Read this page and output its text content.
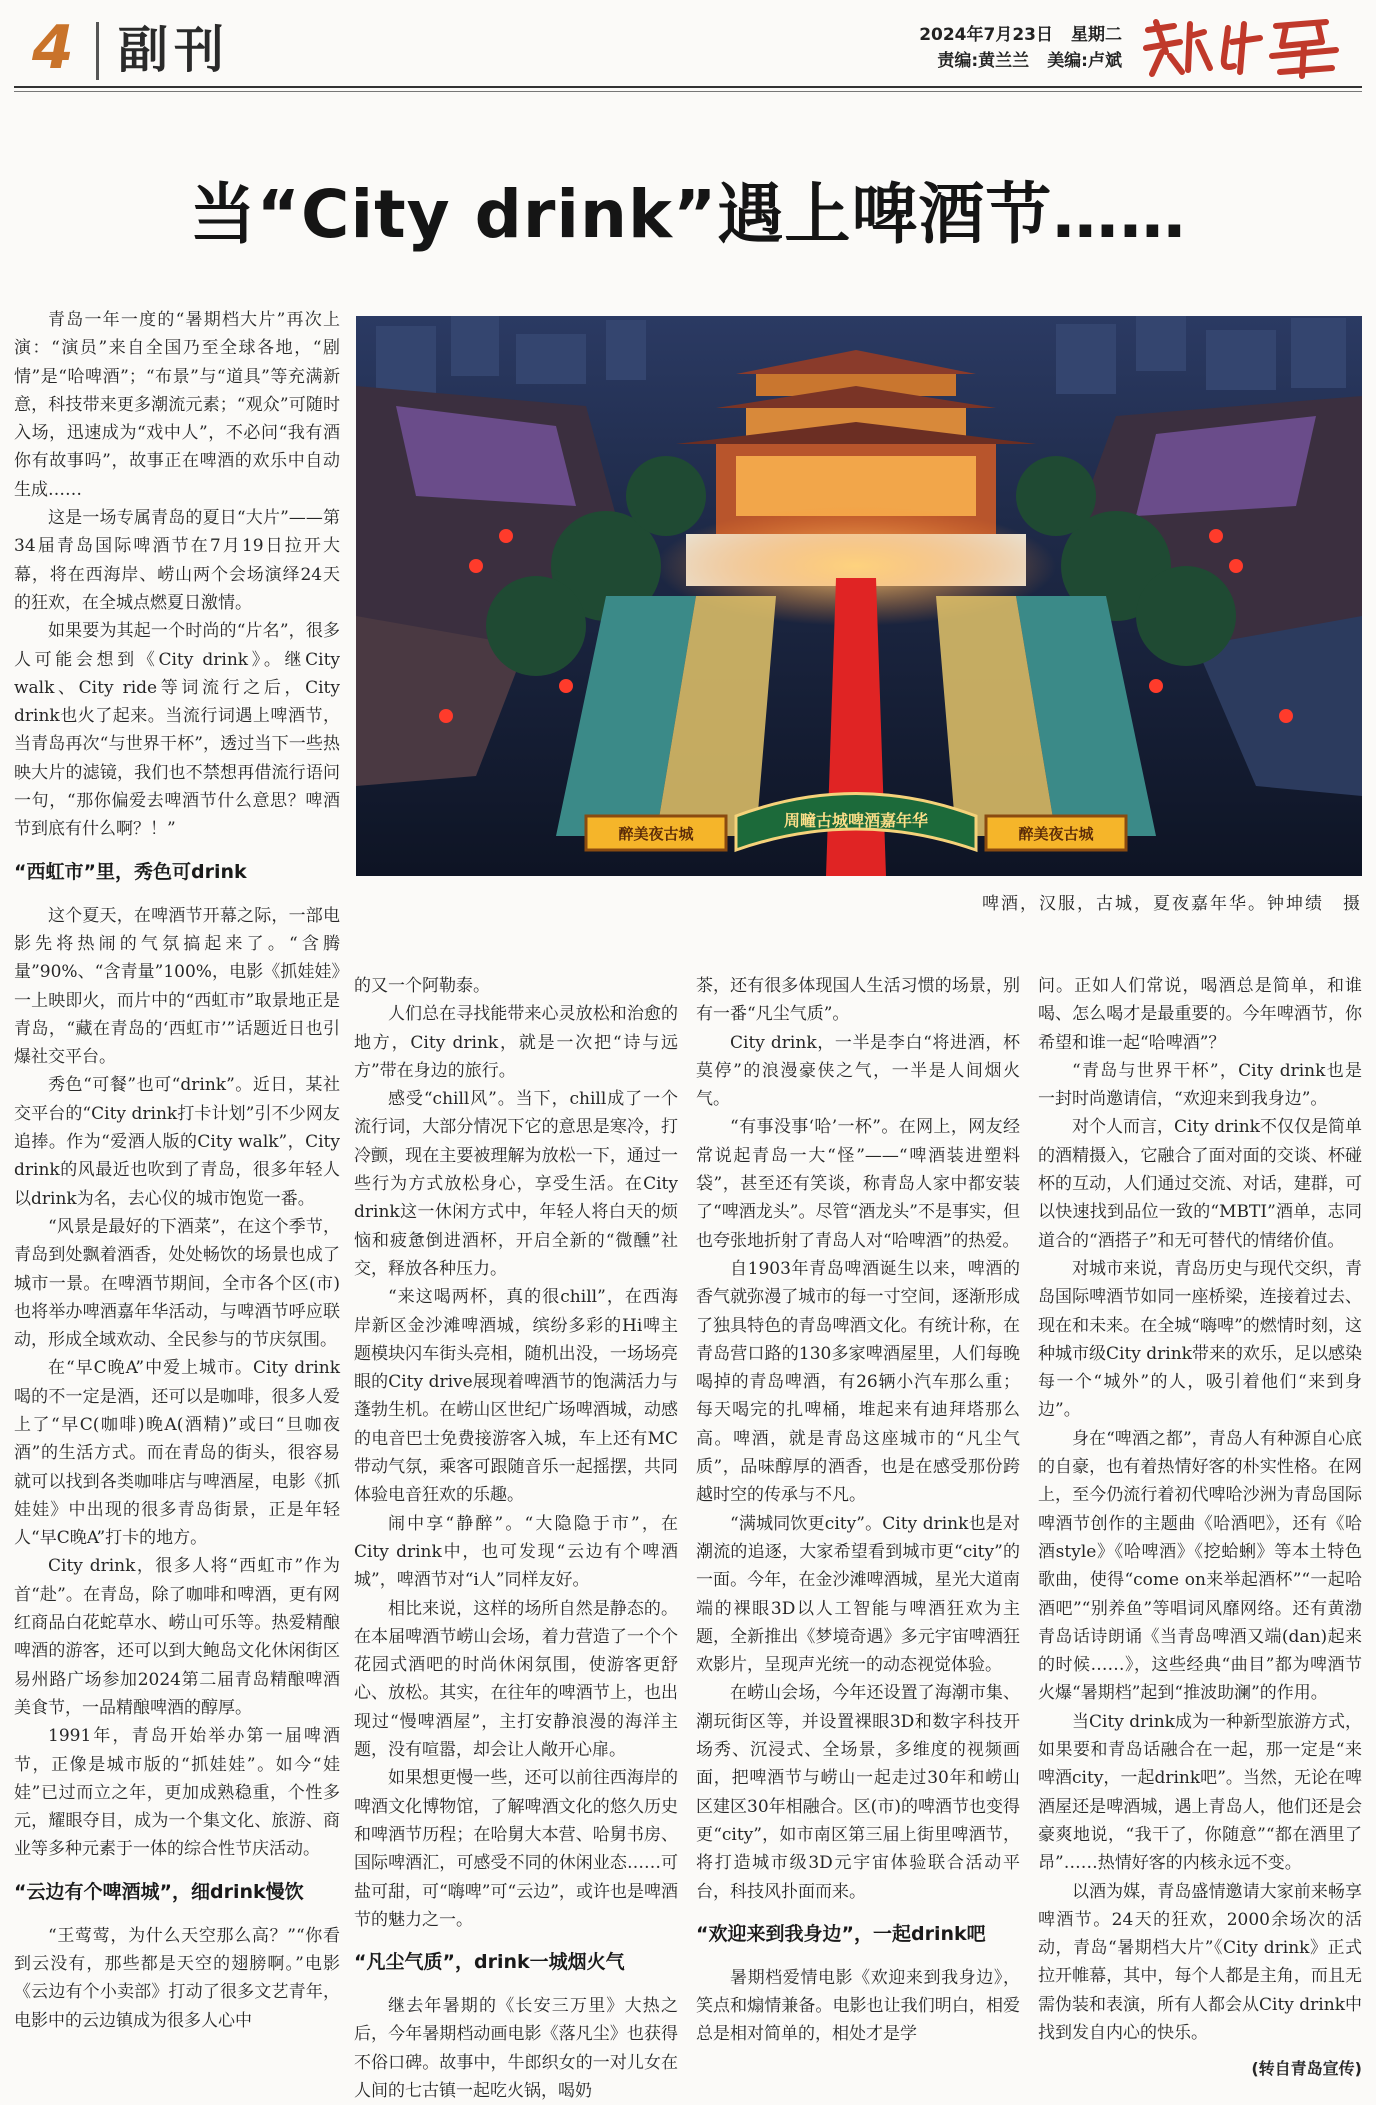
4 副刊	2024年7月23日 星期二
责编:黄兰兰 美编:卢斌
当“City drink”遇上啤酒节……
醉美夜古城
周疃古城啤酒嘉年华
醉美夜古城
啤酒，汉服，古城，夏夜嘉年华。钟坤绩　摄

青岛一年一度的“暑期档大片”再次上演：“演员”来自全国乃至全球各地，“剧情”是“哈啤酒”；“布景”与“道具”等充满新意，科技带来更多潮流元素；“观众”可随时入场，迅速成为“戏中人”，不必问“我有酒你有故事吗”，故事正在啤酒的欢乐中自动生成……

这是一场专属青岛的夏日“大片”——第34届青岛国际啤酒节在7月19日拉开大幕，将在西海岸、崂山两个会场演绎24天的狂欢，在全城点燃夏日激情。

如果要为其起一个时尚的“片名”，很多人可能会想到《City drink》。继City walk、City ride等词流行之后，City drink也火了起来。当流行词遇上啤酒节，当青岛再次“与世界干杯”，透过当下一些热映大片的滤镜，我们也不禁想再借流行语问一句，“那你偏爱去啤酒节什么意思？啤酒节到底有什么啊？！”

“西虹市”里，秀色可drink

这个夏天，在啤酒节开幕之际，一部电影先将热闹的气氛搞起来了。“含腾量”90%、“含青量”100%，电影《抓娃娃》一上映即火，而片中的“西虹市”取景地正是青岛，“藏在青岛的‘西虹市’”话题近日也引爆社交平台。

秀色“可餐”也可“drink”。近日，某社交平台的“City drink打卡计划”引不少网友追捧。作为“爱酒人版的City walk”，City drink的风最近也吹到了青岛，很多年轻人以drink为名，去心仪的城市饱览一番。

“风景是最好的下酒菜”，在这个季节，青岛到处飘着酒香，处处畅饮的场景也成了城市一景。在啤酒节期间，全市各个区(市)也将举办啤酒嘉年华活动，与啤酒节呼应联动，形成全域欢动、全民参与的节庆氛围。

在“早C晚A”中爱上城市。City drink喝的不一定是酒，还可以是咖啡，很多人爱上了“早C(咖啡)晚A(酒精)”或曰“旦咖夜酒”的生活方式。而在青岛的街头，很容易就可以找到各类咖啡店与啤酒屋，电影《抓娃娃》中出现的很多青岛街景，正是年轻人“早C晚A”打卡的地方。

City drink，很多人将“西虹市”作为首“赴”。在青岛，除了咖啡和啤酒，更有网红商品白花蛇草水、崂山可乐等。热爱精酿啤酒的游客，还可以到大鲍岛文化休闲街区易州路广场参加2024第二届青岛精酿啤酒美食节，一品精酿啤酒的醇厚。

1991年，青岛开始举办第一届啤酒节，正像是城市版的“抓娃娃”。如今“娃娃”已过而立之年，更加成熟稳重，个性多元，耀眼夺目，成为一个集文化、旅游、商业等多种元素于一体的综合性节庆活动。

“云边有个啤酒城”，细drink慢饮

“王莺莺，为什么天空那么高？”“你看到云没有，那些都是天空的翅膀啊。”电影《云边有个小卖部》打动了很多文艺青年，电影中的云边镇成为很多人心中

的又一个阿勒泰。

人们总在寻找能带来心灵放松和治愈的地方，City drink，就是一次把“诗与远方”带在身边的旅行。

感受“chill风”。当下，chill成了一个流行词，大部分情况下它的意思是寒冷，打冷颤，现在主要被理解为放松一下，通过一些行为方式放松身心，享受生活。在City drink这一休闲方式中，年轻人将白天的烦恼和疲惫倒进酒杯，开启全新的“微醺”社交，释放各种压力。

“来这喝两杯，真的很chill”，在西海岸新区金沙滩啤酒城，缤纷多彩的Hi啤主题模块闪车街头亮相，随机出没，一场场亮眼的City drive展现着啤酒节的饱满活力与蓬勃生机。在崂山区世纪广场啤酒城，动感的电音巴士免费接游客入城，车上还有MC带动气氛，乘客可跟随音乐一起摇摆，共同体验电音狂欢的乐趣。

闹中享“静醉”。“大隐隐于市”，在City drink中，也可发现“云边有个啤酒城”，啤酒节对“i人”同样友好。

相比来说，这样的场所自然是静态的。在本届啤酒节崂山会场，着力营造了一个个花园式酒吧的时尚休闲氛围，使游客更舒心、放松。其实，在往年的啤酒节上，也出现过“慢啤酒屋”，主打安静浪漫的海洋主题，没有喧嚣，却会让人敞开心扉。

如果想更慢一些，还可以前往西海岸的啤酒文化博物馆，了解啤酒文化的悠久历史和啤酒节历程；在哈舅大本营、哈舅书房、国际啤酒汇，可感受不同的休闲业态……可盐可甜，可“嗨啤”可“云边”，或许也是啤酒节的魅力之一。

“凡尘气质”，drink一城烟火气

继去年暑期的《长安三万里》大热之后，今年暑期档动画电影《落凡尘》也获得不俗口碑。故事中，牛郎织女的一对儿女在人间的七古镇一起吃火锅，喝奶

茶，还有很多体现国人生活习惯的场景，别有一番“凡尘气质”。

City drink，一半是李白“将进酒，杯莫停”的浪漫豪侠之气，一半是人间烟火气。

“有事没事‘哈’一杯”。在网上，网友经常说起青岛一大“怪”——“啤酒装进塑料袋”，甚至还有笑谈，称青岛人家中都安装了“啤酒龙头”。尽管“酒龙头”不是事实，但也夸张地折射了青岛人对“哈啤酒”的热爱。

自1903年青岛啤酒诞生以来，啤酒的香气就弥漫了城市的每一寸空间，逐渐形成了独具特色的青岛啤酒文化。有统计称，在青岛营口路的130多家啤酒屋里，人们每晚喝掉的青岛啤酒，有26辆小汽车那么重；每天喝完的扎啤桶，堆起来有迪拜塔那么高。啤酒，就是青岛这座城市的“凡尘气质”，品味醇厚的酒香，也是在感受那份跨越时空的传承与不凡。

“满城同饮更city”。City drink也是对潮流的追逐，大家希望看到城市更“city”的一面。今年，在金沙滩啤酒城，星光大道南端的裸眼3D以人工智能与啤酒狂欢为主题，全新推出《梦境奇遇》多元宇宙啤酒狂欢影片，呈现声光统一的动态视觉体验。

在崂山会场，今年还设置了海潮市集、潮玩街区等，并设置裸眼3D和数字科技开场秀、沉浸式、全场景，多维度的视频画面，把啤酒节与崂山一起走过30年和崂山区建区30年相融合。区(市)的啤酒节也变得更“city”，如市南区第三届上街里啤酒节，将打造城市级3D元宇宙体验联合活动平台，科技风扑面而来。

“欢迎来到我身边”，一起drink吧

暑期档爱情电影《欢迎来到我身边》，笑点和煽情兼备。电影也让我们明白，相爱总是相对简单的，相处才是学

问。正如人们常说，喝酒总是简单，和谁喝、怎么喝才是最重要的。今年啤酒节，你希望和谁一起“哈啤酒”？

“青岛与世界干杯”，City drink也是一封时尚邀请信，“欢迎来到我身边”。

对个人而言，City drink不仅仅是简单的酒精摄入，它融合了面对面的交谈、杯碰杯的互动，人们通过交流、对话，建群，可以快速找到品位一致的“MBTI”酒单，志同道合的“酒搭子”和无可替代的情绪价值。

对城市来说，青岛历史与现代交织，青岛国际啤酒节如同一座桥梁，连接着过去、现在和未来。在全城“嗨啤”的燃情时刻，这种城市级City drink带来的欢乐，足以感染每一个“城外”的人，吸引着他们“来到身边”。

身在“啤酒之都”，青岛人有种源自心底的自豪，也有着热情好客的朴实性格。在网上，至今仍流行着初代啤哈沙洲为青岛国际啤酒节创作的主题曲《哈酒吧》，还有《哈酒style》《哈啤酒》《挖蛤蜊》等本土特色歌曲，使得“come on来举起酒杯”“一起哈酒吧”“别养鱼”等唱词风靡网络。还有黄渤青岛话诗朗诵《当青岛啤酒又端(dan)起来的时候……》，这些经典“曲目”都为啤酒节火爆“暑期档”起到“推波助澜”的作用。

当City drink成为一种新型旅游方式，如果要和青岛话融合在一起，那一定是“来啤酒city，一起drink吧”。当然，无论在啤酒屋还是啤酒城，遇上青岛人，他们还是会豪爽地说，“我干了，你随意”“都在酒里了昂”……热情好客的内核永远不变。

以酒为媒，青岛盛情邀请大家前来畅享啤酒节。24天的狂欢，2000余场次的活动，青岛“暑期档大片”《City drink》正式拉开帷幕，其中，每个人都是主角，而且无需伪装和表演，所有人都会从City drink中找到发自内心的快乐。

(转自青岛宣传)
